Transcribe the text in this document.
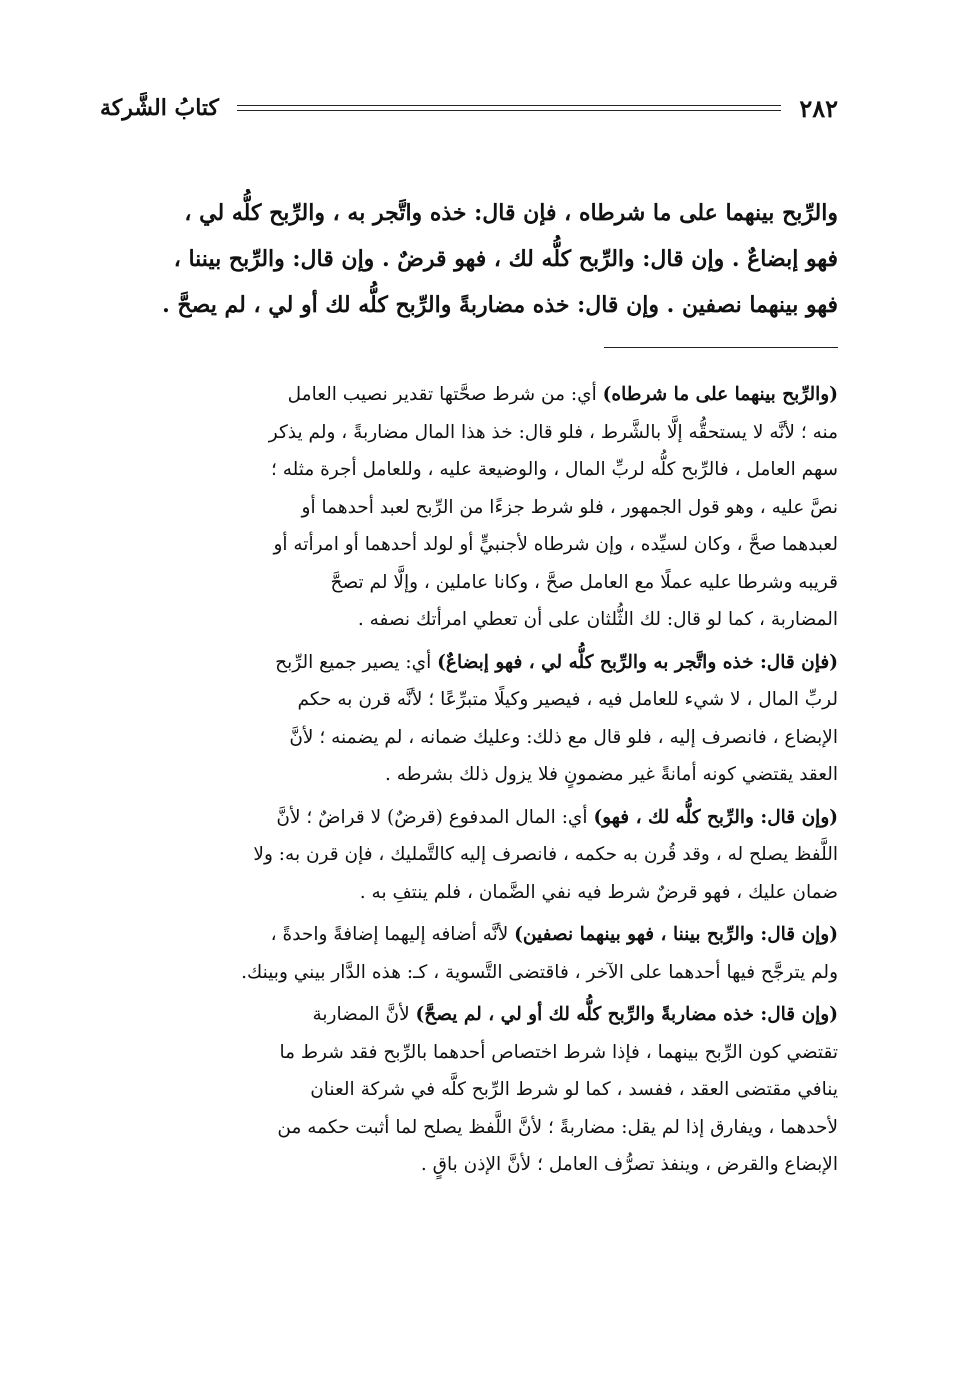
٢٨٢
كتابُ الشَّركة
والرِّبح بينهما على ما شرطاه ، فإن قال: خذه واتَّجر به ، والرِّبح كلُّه لي ،
فهو إبضاعٌ . وإن قال: والرِّبح كلُّه لك ، فهو قرضٌ . وإن قال: والرِّبح بيننا ،
فهو بينهما نصفين . وإن قال: خذه مضاربةً والرِّبح كلُّه لك أو لي ، لم يصحَّ .
(والرِّبح بينهما على ما شرطاه) أي: من شرط صحَّتها تقدير نصيب العامل
منه ؛ لأنَّه لا يستحقُّه إلَّا بالشَّرط ، فلو قال: خذ هذا المال مضاربةً ، ولم يذكر
سهم العامل ، فالرِّبح كلُّه لربِّ المال ، والوضيعة عليه ، وللعامل أجرة مثله ؛
نصَّ عليه ، وهو قول الجمهور ، فلو شرط جزءًا من الرِّبح لعبد أحدهما أو
لعبدهما صحَّ ، وكان لسيِّده ، وإن شرطاه لأجنبيٍّ أو لولد أحدهما أو امرأته أو
قريبه وشرطا عليه عملًا مع العامل صحَّ ، وكانا عاملين ، وإلَّا لم تصحَّ
المضاربة ، كما لو قال: لك الثُّلثان على أن تعطي امرأتك نصفه .
(فإن قال: خذه واتَّجر به والرِّبح كلُّه لي ، فهو إبضاعٌ) أي: يصير جميع الرِّبح
لربِّ المال ، لا شيء للعامل فيه ، فيصير وكيلًا متبرِّعًا ؛ لأنَّه قرن به حكم
الإبضاع ، فانصرف إليه ، فلو قال مع ذلك: وعليك ضمانه ، لم يضمنه ؛ لأنَّ
العقد يقتضي كونه أمانةً غير مضمونٍ فلا يزول ذلك بشرطه .
(وإن قال: والرِّبح كلُّه لك ، فهو) أي: المال المدفوع (قرضٌ) لا قراضٌ ؛ لأنَّ
اللَّفظ يصلح له ، وقد قُرن به حكمه ، فانصرف إليه كالتَّمليك ، فإن قرن به: ولا
ضمان عليك ، فهو قرضٌ شرط فيه نفي الضَّمان ، فلم ينتفِ به .
(وإن قال: والرِّبح بيننا ، فهو بينهما نصفين) لأنَّه أضافه إليهما إضافةً واحدةً ،
ولم يترجَّح فيها أحدهما على الآخر ، فاقتضى التَّسوية ، كـ: هذه الدَّار بيني وبينك.
(وإن قال: خذه مضاربةً والرِّبح كلُّه لك أو لي ، لم يصحَّ) لأنَّ المضاربة
تقتضي كون الرِّبح بينهما ، فإذا شرط اختصاص أحدهما بالرِّبح فقد شرط ما
ينافي مقتضى العقد ، ففسد ، كما لو شرط الرِّبح كلَّه في شركة العنان
لأحدهما ، ويفارق إذا لم يقل: مضاربةً ؛ لأنَّ اللَّفظ يصلح لما أثبت حكمه من
الإبضاع والقرض ، وينفذ تصرُّف العامل ؛ لأنَّ الإذن باقٍ .
